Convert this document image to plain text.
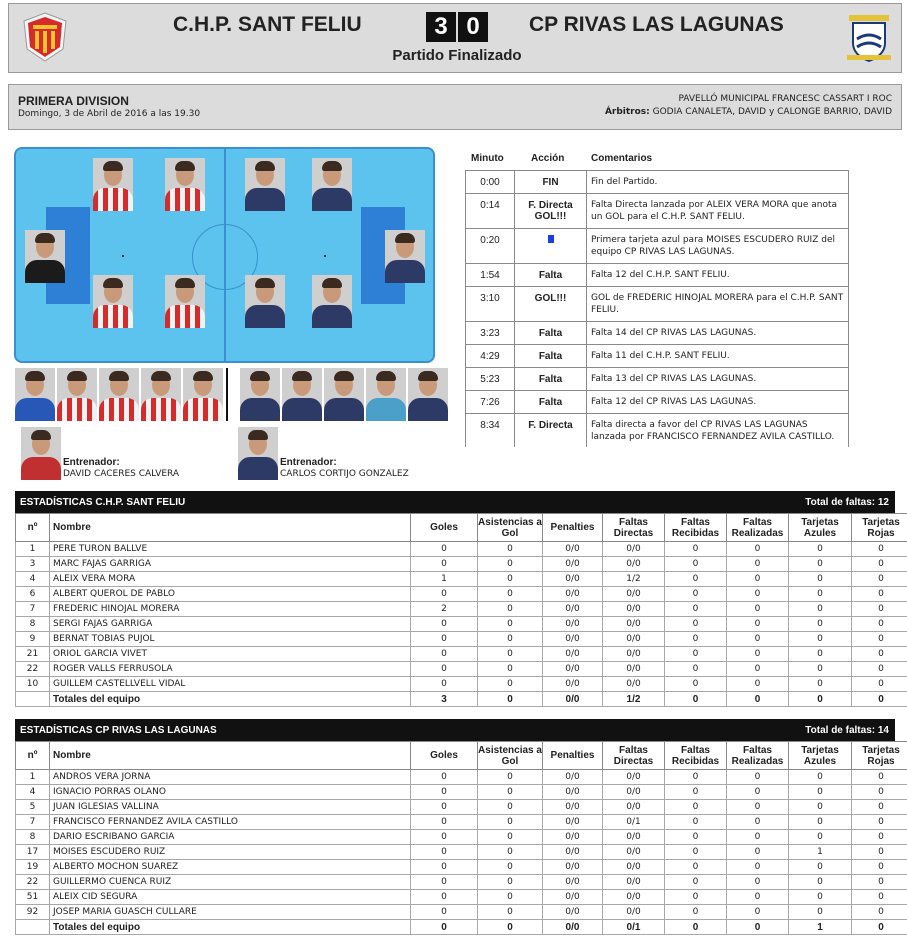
C.H.P. SANT FELIU	3 0	CP RIVAS LAS LAGUNAS
Partido Finalizado
PRIMERA DIVISION
Domingo, 3 de Abril de 2016 a las 19.30
PAVELLÓ MUNICIPAL FRANCESC CASSART I ROC
Árbitros: GODIA CANALETA, DAVID y CALONGE BARRIO, DAVID
Entrenador:
DAVID CACERES CALVERA
Entrenador:
CARLOS CORTIJO GONZALEZ
Minuto	Acción	Comentarios
0:00	FIN	Fin del Partido.
0:14	F. Directa GOL!!!	Falta Directa lanzada por ALEIX VERA MORA que anota un GOL para el C.H.P. SANT FELIU.
0:20		Primera tarjeta azul para MOISES ESCUDERO RUIZ del equipo CP RIVAS LAS LAGUNAS.
1:54	Falta	Falta 12 del C.H.P. SANT FELIU.
3:10	GOL!!!	GOL de FREDERIC HINOJAL MORERA para el C.H.P. SANT FELIU.
3:23	Falta	Falta 14 del CP RIVAS LAS LAGUNAS.
4:29	Falta	Falta 11 del C.H.P. SANT FELIU.
5:23	Falta	Falta 13 del CP RIVAS LAS LAGUNAS.
7:26	Falta	Falta 12 del CP RIVAS LAS LAGUNAS.
8:34	F. Directa	Falta directa a favor del CP RIVAS LAS LAGUNAS lanzada por FRANCISCO FERNANDEZ AVILA CASTILLO.
ESTADÍSTICAS C.H.P. SANT FELIU	Total de faltas: 12
nº	Nombre	Goles	Asistencias a Gol	Penalties	Faltas Directas	Faltas Recibidas	Faltas Realizadas	Tarjetas Azules	Tarjetas Rojas
1	PERE TURON BALLVE	0	0	0/0	0/0	0	0	0	0
3	MARC FAJAS GARRIGA	0	0	0/0	0/0	0	0	0	0
4	ALEIX VERA MORA	1	0	0/0	1/2	0	0	0	0
6	ALBERT QUEROL DE PABLO	0	0	0/0	0/0	0	0	0	0
7	FREDERIC HINOJAL MORERA	2	0	0/0	0/0	0	0	0	0
8	SERGI FAJAS GARRIGA	0	0	0/0	0/0	0	0	0	0
9	BERNAT TOBIAS PUJOL	0	0	0/0	0/0	0	0	0	0
21	ORIOL GARCIA VIVET	0	0	0/0	0/0	0	0	0	0
22	ROGER VALLS FERRUSOLA	0	0	0/0	0/0	0	0	0	0
10	GUILLEM CASTELLVELL VIDAL	0	0	0/0	0/0	0	0	0	0
	Totales del equipo	3	0	0/0	1/2	0	0	0	0
ESTADÍSTICAS CP RIVAS LAS LAGUNAS	Total de faltas: 14
nº	Nombre	Goles	Asistencias a Gol	Penalties	Faltas Directas	Faltas Recibidas	Faltas Realizadas	Tarjetas Azules	Tarjetas Rojas
1	ANDROS VERA JORNA	0	0	0/0	0/0	0	0	0	0
4	IGNACIO PORRAS OLANO	0	0	0/0	0/0	0	0	0	0
5	JUAN IGLESIAS VALLINA	0	0	0/0	0/0	0	0	0	0
7	FRANCISCO FERNANDEZ AVILA CASTILLO	0	0	0/0	0/1	0	0	0	0
8	DARIO ESCRIBANO GARCIA	0	0	0/0	0/0	0	0	0	0
17	MOISES ESCUDERO RUIZ	0	0	0/0	0/0	0	0	1	0
19	ALBERTO MOCHON SUAREZ	0	0	0/0	0/0	0	0	0	0
22	GUILLERMO CUENCA RUIZ	0	0	0/0	0/0	0	0	0	0
51	ALEIX CID SEGURA	0	0	0/0	0/0	0	0	0	0
92	JOSEP MARIA GUASCH CULLARE	0	0	0/0	0/0	0	0	0	0
	Totales del equipo	0	0	0/0	0/1	0	0	1	0
